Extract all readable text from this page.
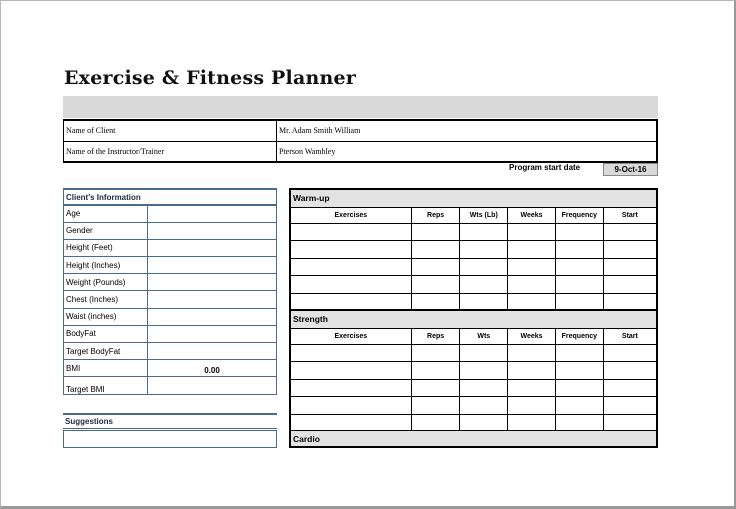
Exercise & Fitness Planner
Name of Client	Mr. Adam Smith William
Name of the Instructor/Trainer	Pterson Wambley
Program start date	9-Oct-16
Client's Information	
Age	
Gender	
Height (Feet)	
Height (Inches)	
Weight (Pounds)	
Chest (Inches)	
Waist (inches)	
BodyFat	
Target BodyFat	
BMI	0.00
Target BMI	
Suggestions
Warm-up					
Exercises	Reps	Wts (Lb)	Weeks	Frequency	Start

Strength					
Exercises	Reps	Wts	Weeks	Frequency	Start

Cardio
